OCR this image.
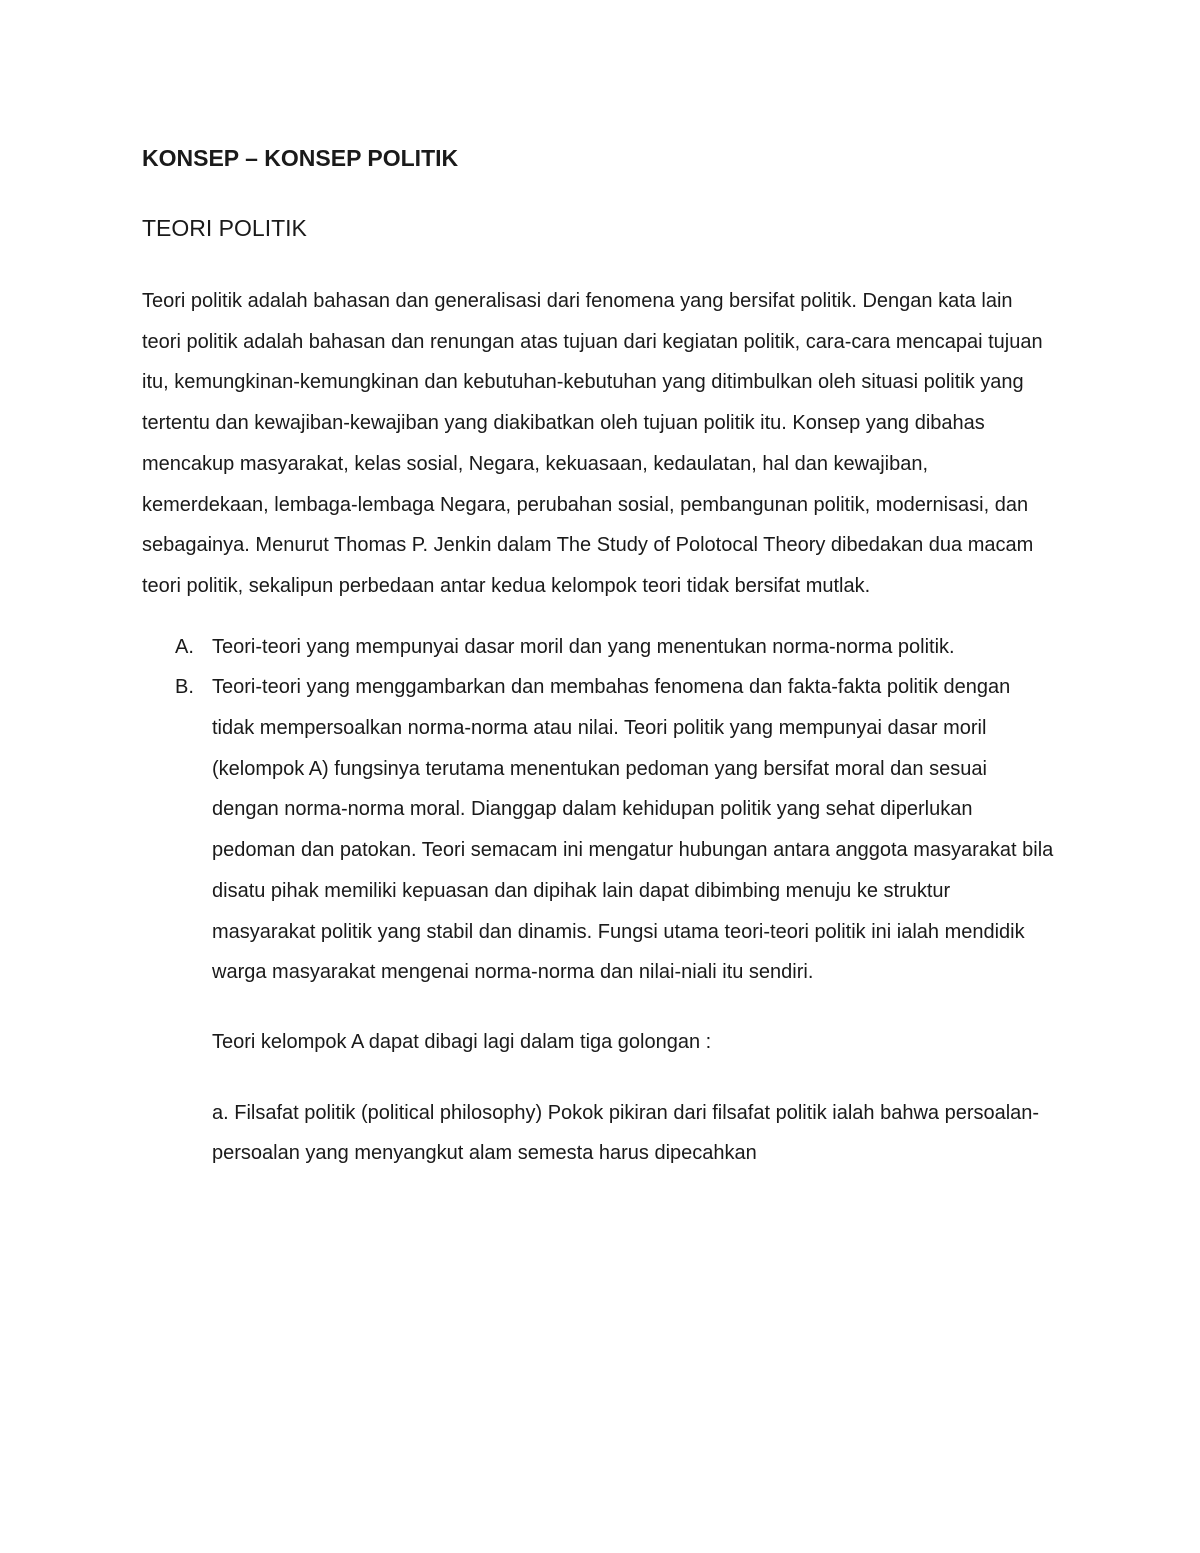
KONSEP – KONSEP POLITIK
TEORI POLITIK

Teori politik adalah bahasan dan generalisasi dari fenomena yang bersifat politik. Dengan kata lain teori politik adalah bahasan dan renungan atas tujuan dari kegiatan politik, cara-cara mencapai tujuan itu, kemungkinan-kemungkinan dan kebutuhan-kebutuhan yang ditimbulkan oleh situasi politik yang tertentu dan kewajiban-kewajiban yang diakibatkan oleh tujuan politik itu. Konsep yang dibahas mencakup masyarakat, kelas sosial, Negara, kekuasaan, kedaulatan, hal dan kewajiban, kemerdekaan, lembaga-lembaga Negara, perubahan sosial, pembangunan politik, modernisasi, dan sebagainya. Menurut Thomas P. Jenkin dalam The Study of Polotocal Theory dibedakan dua macam teori politik, sekalipun perbedaan antar kedua kelompok teori tidak bersifat mutlak.

A. Teori-teori yang mempunyai dasar moril dan yang menentukan norma-norma politik.
B. Teori-teori yang menggambarkan dan membahas fenomena dan fakta-fakta politik dengan tidak mempersoalkan norma-norma atau nilai. Teori politik yang mempunyai dasar moril (kelompok A) fungsinya terutama menentukan pedoman yang bersifat moral dan sesuai dengan norma-norma moral. Dianggap dalam kehidupan politik yang sehat diperlukan pedoman dan patokan. Teori semacam ini mengatur hubungan antara anggota masyarakat bila disatu pihak memiliki kepuasan dan dipihak lain dapat dibimbing menuju ke struktur masyarakat politik yang stabil dan dinamis. Fungsi utama teori-teori politik ini ialah mendidik warga masyarakat mengenai norma-norma dan nilai-niali itu sendiri.

Teori kelompok A dapat dibagi lagi dalam tiga golongan :

a. Filsafat politik (political philosophy) Pokok pikiran dari filsafat politik ialah bahwa persoalan-persoalan yang menyangkut alam semesta harus dipecahkan
